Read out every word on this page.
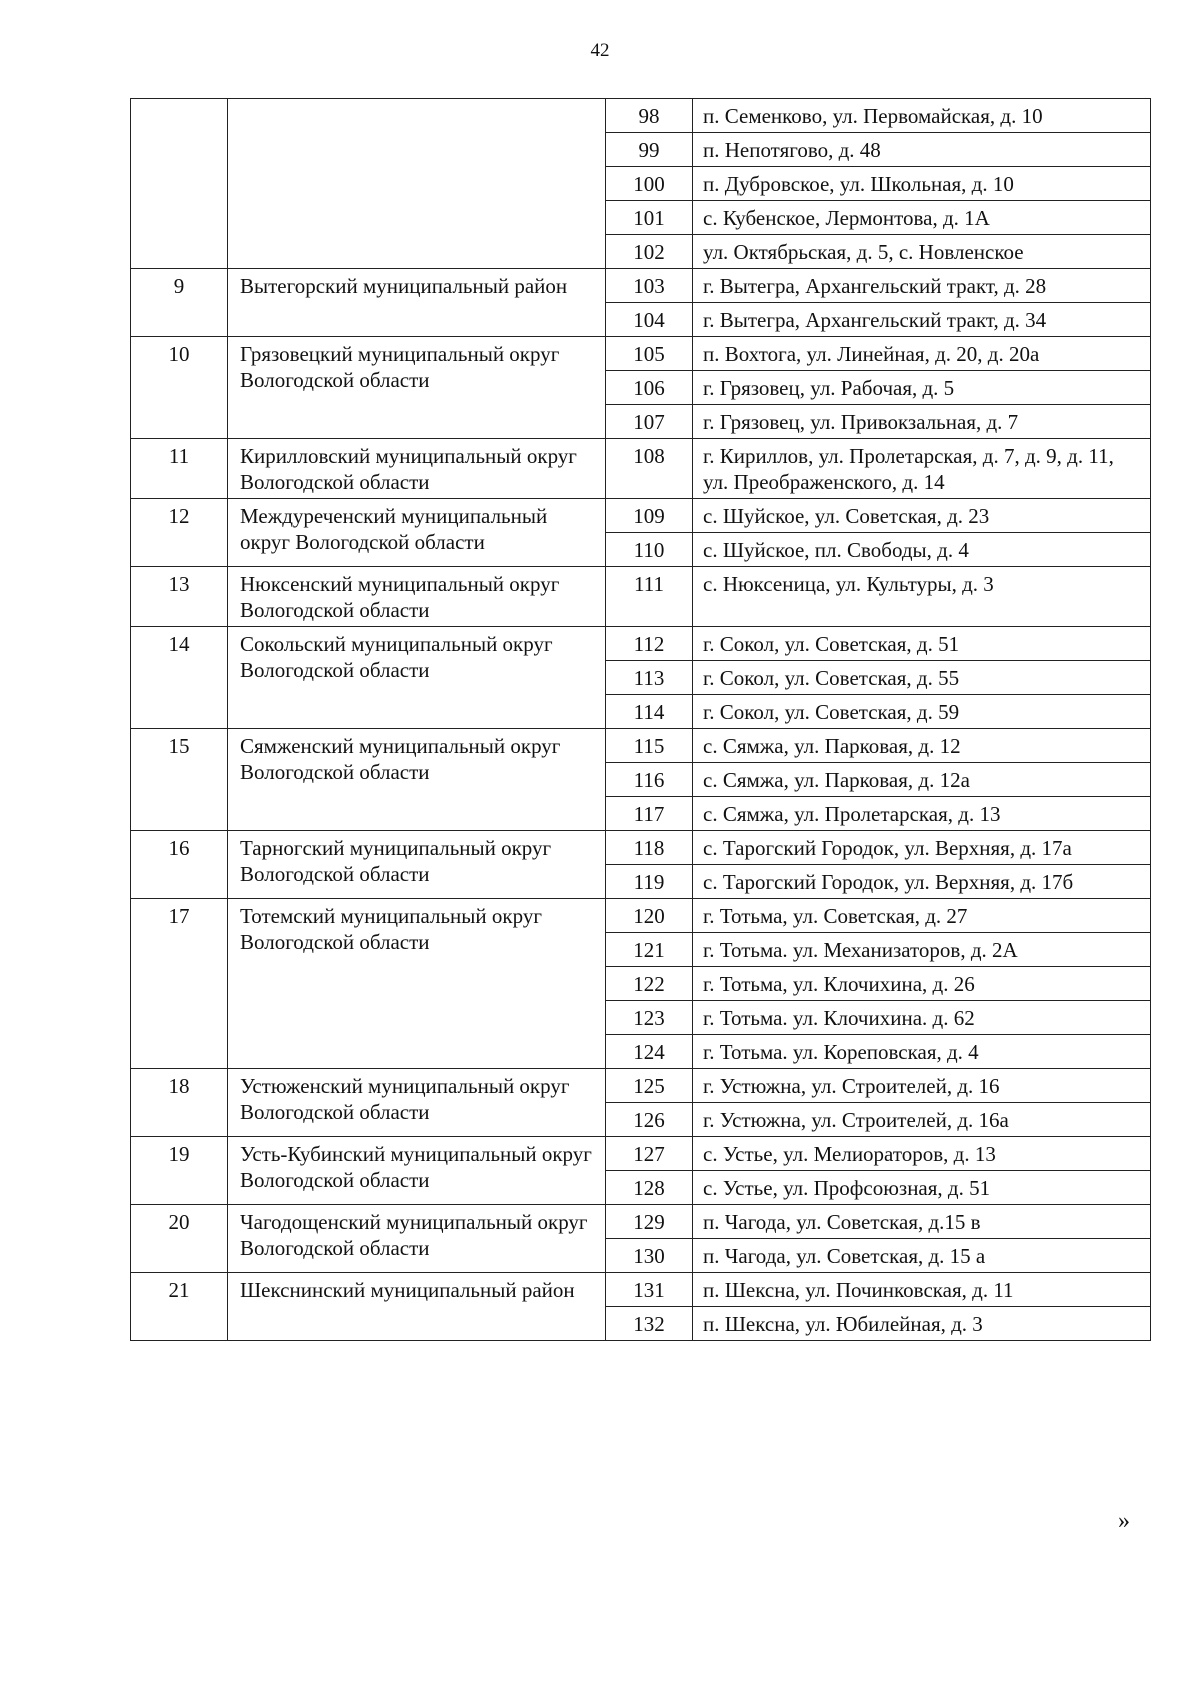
42
		98	п. Семенково, ул. Первомайская, д. 10
		99	п. Непотягово, д. 48
		100	п. Дубровское, ул. Школьная, д. 10
		101	с. Кубенское, Лермонтова, д. 1А
		102	ул. Октябрьская, д. 5, с. Новленское
9	Вытегорский муниципальный район	103	г. Вытегра, Архангельский тракт, д. 28
		104	г. Вытегра, Архангельский тракт, д. 34
10	Грязовецкий муниципальный округ Вологодской области	105	п. Вохтога, ул. Линейная, д. 20, д. 20а
		106	г. Грязовец, ул. Рабочая, д. 5
		107	г. Грязовец, ул. Привокзальная, д. 7
11	Кирилловский муниципальный округ Вологодской области	108	г. Кириллов, ул. Пролетарская, д. 7, д. 9, д. 11, ул. Преображенского, д. 14
12	Междуреченский муниципальный округ Вологодской области	109	с. Шуйское, ул. Советская, д. 23
		110	с. Шуйское, пл. Свободы, д. 4
13	Нюксенский муниципальный округ Вологодской области	111	с. Нюксеница, ул. Культуры, д. 3
14	Сокольский муниципальный округ Вологодской области	112	г. Сокол, ул. Советская, д. 51
		113	г. Сокол, ул. Советская, д. 55
		114	г. Сокол, ул. Советская, д. 59
15	Сямженский муниципальный округ Вологодской области	115	с. Сямжа, ул. Парковая, д. 12
		116	с. Сямжа, ул. Парковая, д. 12а
		117	с. Сямжа, ул. Пролетарская, д. 13
16	Тарногский муниципальный округ Вологодской области	118	с. Тарогский Городок, ул. Верхняя, д. 17а
		119	с. Тарогский Городок, ул. Верхняя, д. 17б
17	Тотемский муниципальный округ Вологодской области	120	г. Тотьма, ул. Советская, д. 27
		121	г. Тотьма. ул. Механизаторов, д. 2А
		122	г. Тотьма, ул. Клочихина, д. 26
		123	г. Тотьма. ул. Клочихина. д. 62
		124	г. Тотьма. ул. Кореповская, д. 4
18	Устюженский муниципальный округ Вологодской области	125	г. Устюжна, ул. Строителей, д. 16
		126	г. Устюжна, ул. Строителей, д. 16а
19	Усть-Кубинский муниципальный округ Вологодской области	127	с. Устье, ул. Мелиораторов, д. 13
		128	с. Устье, ул. Профсоюзная, д. 51
20	Чагодощенский муниципальный округ Вологодской области	129	п. Чагода, ул. Советская, д.15 в
		130	п. Чагода, ул. Советская, д. 15 а
21	Шекснинский муниципальный район	131	п. Шексна, ул. Починковская, д. 11
		132	п. Шексна, ул. Юбилейная, д. 3
»
